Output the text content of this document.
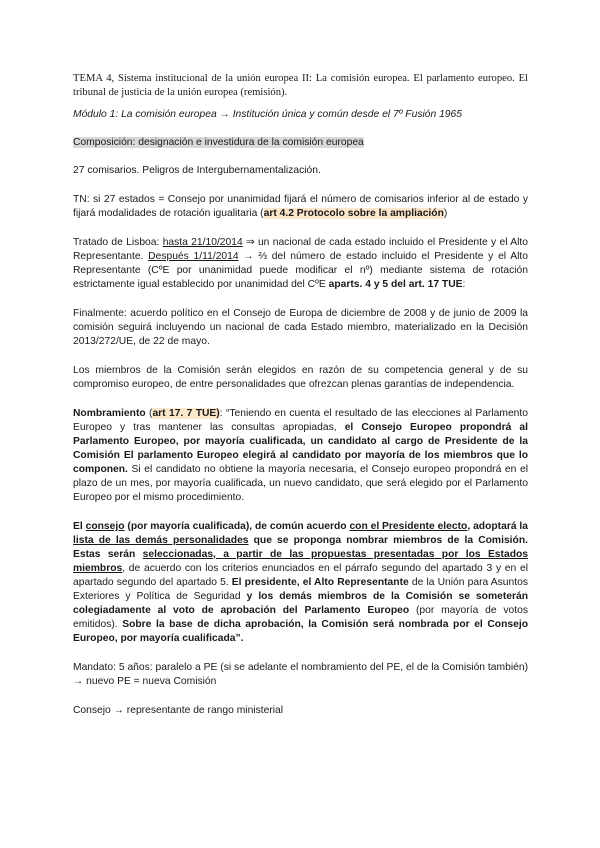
TEMA 4, Sistema institucional de la unión europea II: La comisión europea. El parlamento europeo. El tribunal de justicia de la unión europea (remisión).

Módulo 1: La comisión europea → Institución única y común desde el 7º Fusión 1965

Composición: designación e investidura de la comisión europea

27 comisarios. Peligros de Intergubernamentalización.

TN: si 27 estados = Consejo por unanimidad fijará el número de comisarios inferior al de estado y fijará modalidades de rotación igualitaria (art 4.2 Protocolo sobre la ampliación)

Tratado de Lisboa: hasta 21/10/2014 ⇒ un nacional de cada estado incluido el Presidente y el Alto Representante. Después 1/11/2014 → ⅔ del número de estado incluido el Presidente y el Alto Representante (CºE por unanimidad puede modificar el nº) mediante sistema de rotación estrictamente igual establecido por unanimidad del CºE aparts. 4 y 5 del art. 17 TUE:

Finalmente: acuerdo político en el Consejo de Europa de diciembre de 2008 y de junio de 2009 la comisión seguirá incluyendo un nacional de cada Estado miembro, materializado en la Decisión 2013/272/UE, de 22 de mayo.

Los miembros de la Comisión serán elegidos en razón de su competencia general y de su compromiso europeo, de entre personalidades que ofrezcan plenas garantías de independencia.

Nombramiento (art 17. 7 TUE): “Teniendo en cuenta el resultado de las elecciones al Parlamento Europeo y tras mantener las consultas apropiadas, el Consejo Europeo propondrá al Parlamento Europeo, por mayoría cualificada, un candidato al cargo de Presidente de la Comisión El parlamento Europeo elegirá al candidato por mayoría de los miembros que lo componen. Si el candidato no obtiene la mayoría necesaria, el Consejo europeo propondrá en el plazo de un mes, por mayoría cualificada, un nuevo candidato, que será elegido por el Parlamento Europeo por el mismo procedimiento.

El consejo (por mayoría cualificada), de común acuerdo con el Presidente electo, adoptará la lista de las demás personalidades que se proponga nombrar miembros de la Comisión. Estas serán seleccionadas, a partir de las propuestas presentadas por los Estados miembros, de acuerdo con los criterios enunciados en el párrafo segundo del apartado 3 y en el apartado segundo del apartado 5. El presidente, el Alto Representante de la Unión para Asuntos Exteriores y Política de Seguridad y los demás miembros de la Comisión se someterán colegiadamente al voto de aprobación del Parlamento Europeo (por mayoría de votos emitidos). Sobre la base de dicha aprobación, la Comisión será nombrada por el Consejo Europeo, por mayoría cualificada”.

Mandato: 5 años: paralelo a PE (si se adelante el nombramiento del PE, el de la Comisión también) → nuevo PE = nueva Comisión

Consejo → representante de rango ministerial
